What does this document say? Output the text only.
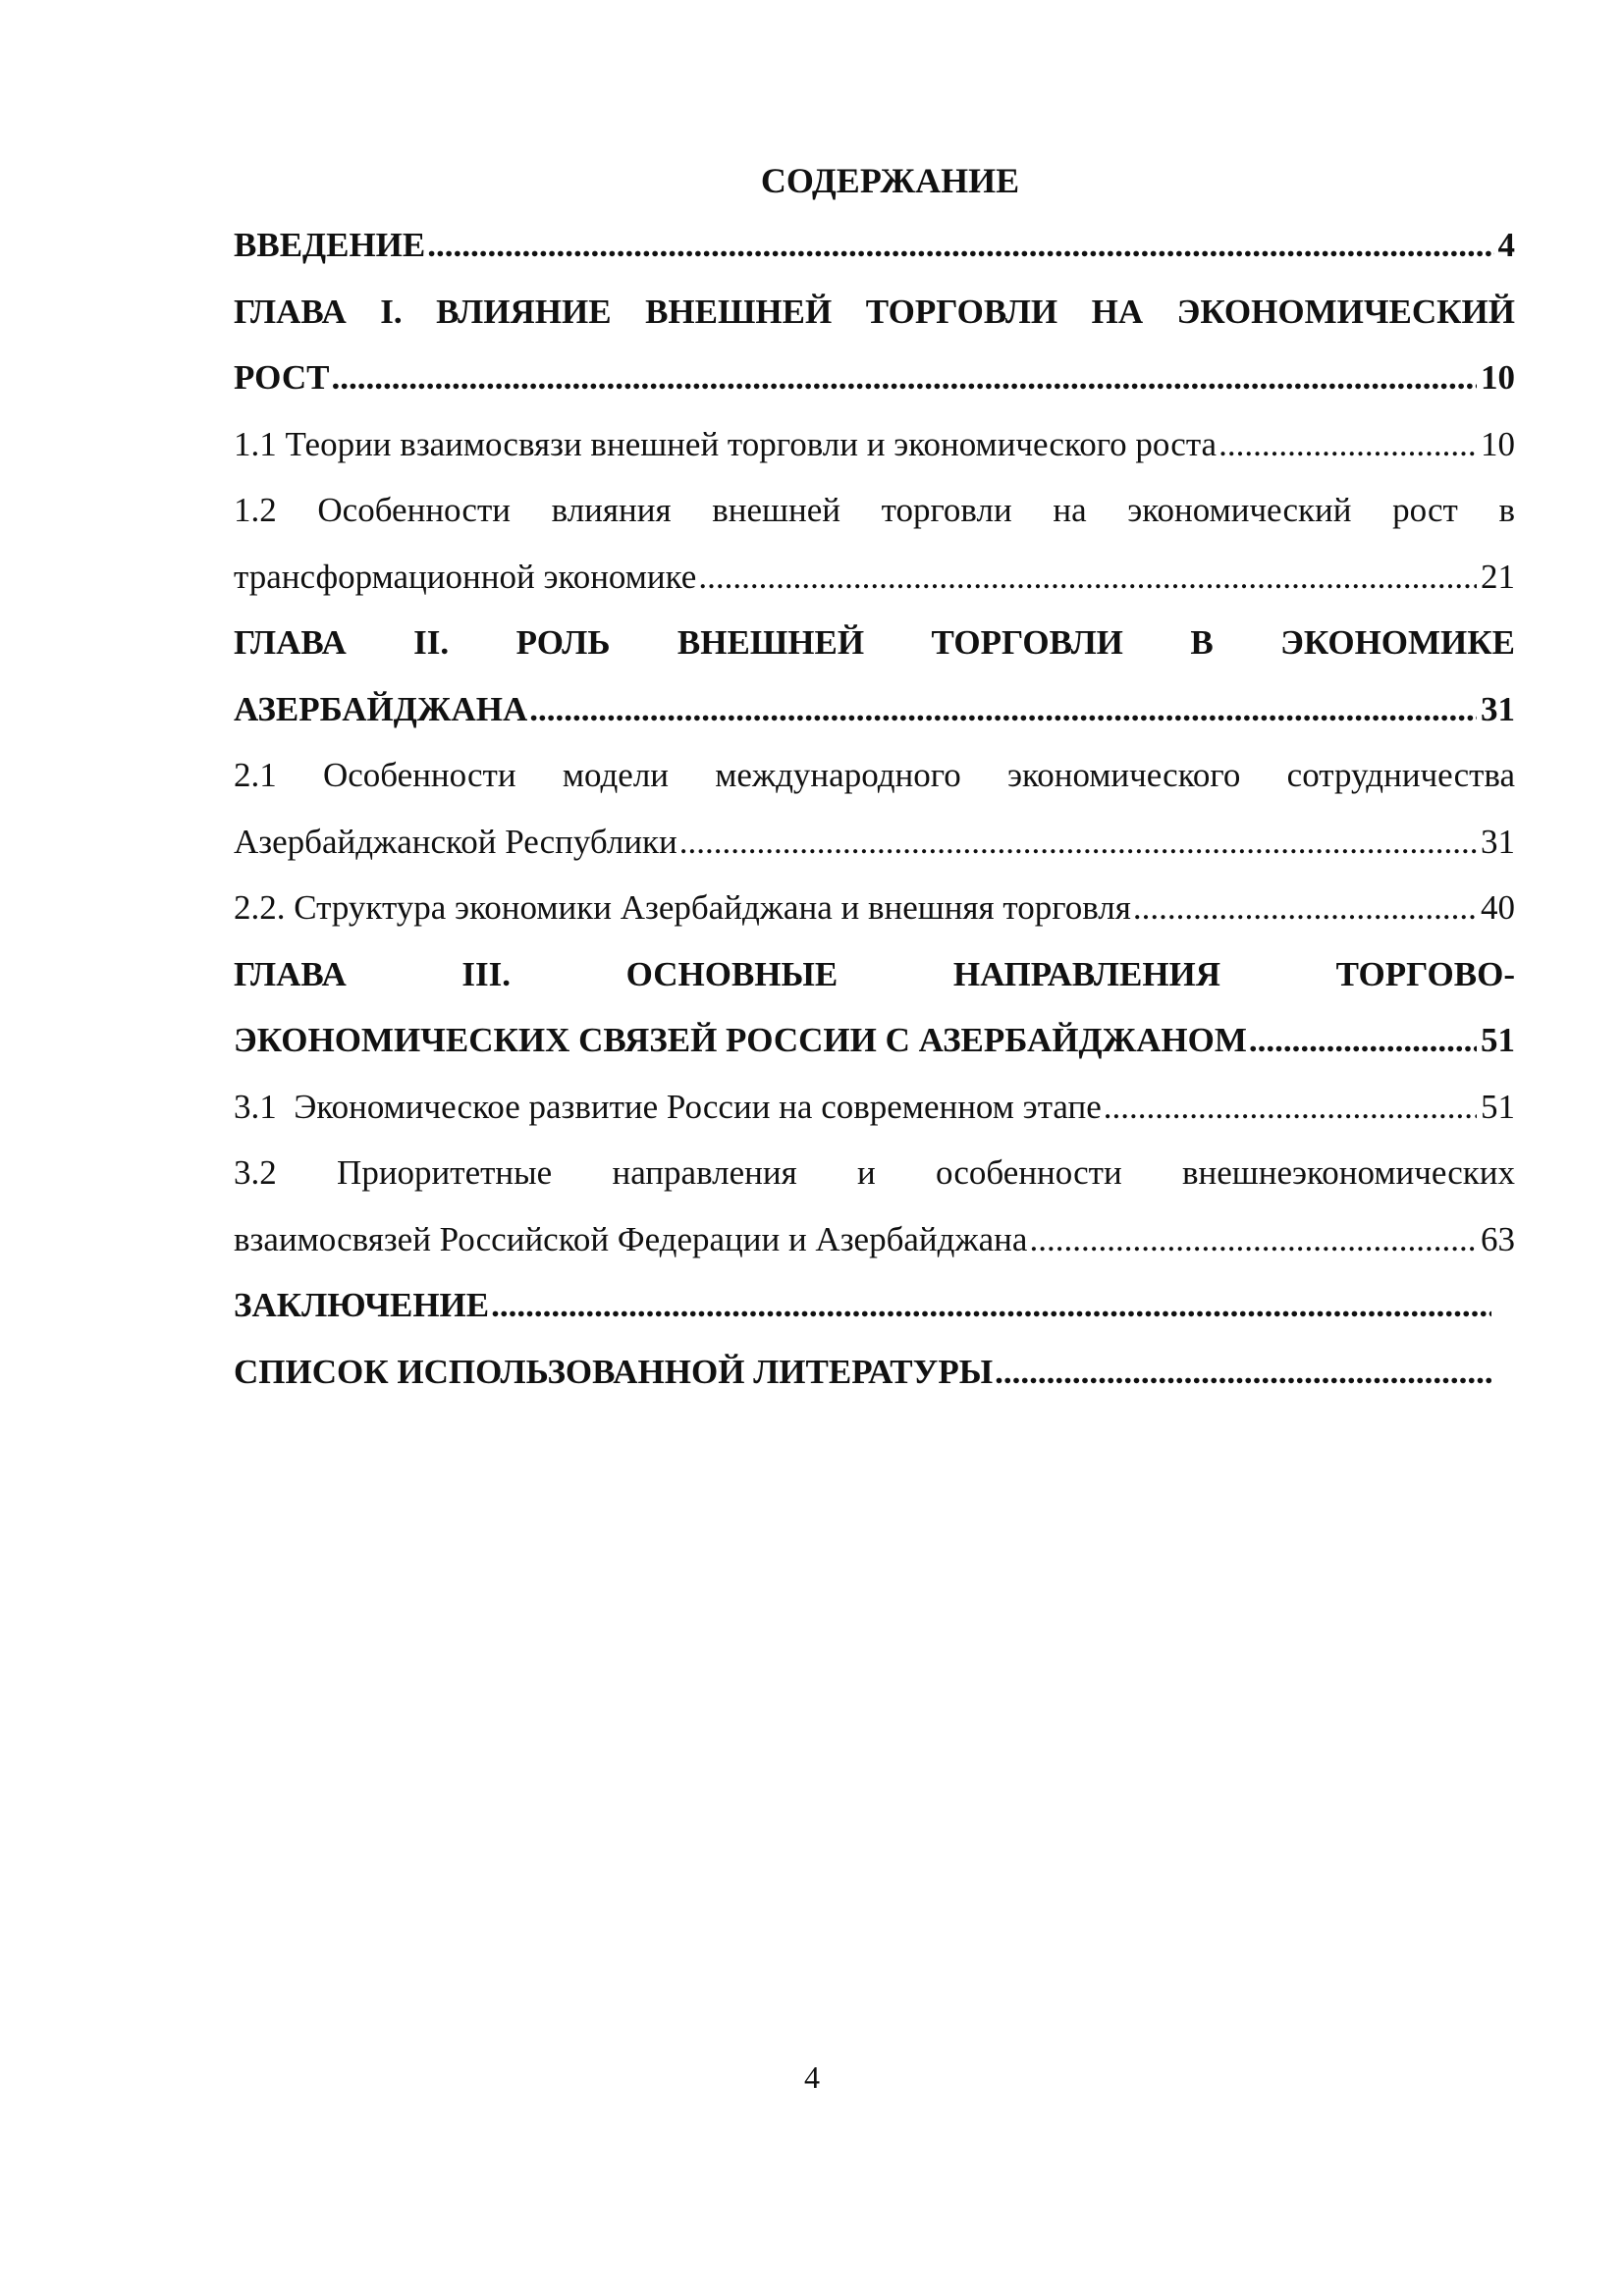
СОДЕРЖАНИЕ
ВВЕДЕНИЕ .....	4
ГЛАВА I. ВЛИЯНИЕ ВНЕШНЕЙ ТОРГОВЛИ НА ЭКОНОМИЧЕСКИЙ
РОСТ .....	10
1.1 Теории взаимосвязи внешней торговли и экономического роста .....	10
1.2 Особенности влияния внешней торговли на экономический рост в
трансформационной экономике .....	21
ГЛАВА II. РОЛЬ ВНЕШНЕЙ ТОРГОВЛИ В ЭКОНОМИКЕ
АЗЕРБАЙДЖАНА .....	31
2.1 Особенности модели международного экономического сотрудничества
Азербайджанской Республики .....	31
2.2. Структура экономики Азербайджана и внешняя торговля .....	40
ГЛАВА III. ОСНОВНЫЕ НАПРАВЛЕНИЯ ТОРГОВО-
ЭКОНОМИЧЕСКИХ СВЯЗЕЙ РОССИИ С АЗЕРБАЙДЖАНОМ .....	51
3.1  Экономическое развитие России на современном этапе .....	51
3.2 Приоритетные направления и особенности внешнеэкономических
взаимосвязей Российской Федерации и Азербайджана .....	63
ЗАКЛЮЧЕНИЕ
.....
СПИСОК ИСПОЛЬЗОВАННОЙ ЛИТЕРАТУРЫ
.....
4
